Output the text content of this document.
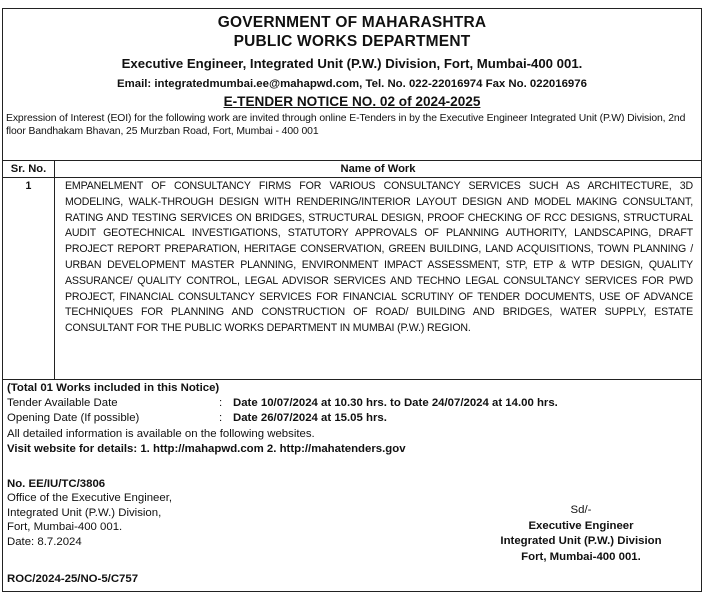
GOVERNMENT OF MAHARASHTRA
PUBLIC WORKS DEPARTMENT
Executive Engineer, Integrated Unit (P.W.) Division, Fort, Mumbai-400 001.
Email: integratedmumbai.ee@mahapwd.com, Tel. No. 022-22016974 Fax No. 022016976
E-TENDER NOTICE NO. 02 of 2024-2025
Expression of Interest (EOI) for the following work are invited through online E-Tenders in by the Executive Engineer Integrated Unit (P.W) Division, 2nd floor Bandhakam Bhavan, 25 Murzban Road, Fort, Mumbai - 400 001
Sr. No.	Name of Work
1	EMPANELMENT OF CONSULTANCY FIRMS FOR VARIOUS CONSULTANCY SERVICES SUCH AS ARCHITECTURE, 3D MODELING, WALK-THROUGH DESIGN WITH RENDERING/INTERIOR LAYOUT DESIGN AND MODEL MAKING CONSULTANT, RATING AND TESTING SERVICES ON BRIDGES, STRUCTURAL DESIGN, PROOF CHECKING OF RCC DESIGNS, STRUCTURAL AUDIT GEOTECHNICAL INVESTIGATIONS, STATUTORY APPROVALS OF PLANNING AUTHORITY, LANDSCAPING, DRAFT PROJECT REPORT PREPARATION, HERITAGE CONSERVATION, GREEN BUILDING, LAND ACQUISITIONS, TOWN PLANNING / URBAN DEVELOPMENT MASTER PLANNING, ENVIRONMENT IMPACT ASSESSMENT, STP, ETP & WTP DESIGN, QUALITY ASSURANCE/ QUALITY CONTROL, LEGAL ADVISOR SERVICES AND TECHNO LEGAL CONSULTANCY SERVICES FOR PWD PROJECT, FINANCIAL CONSULTANCY SERVICES FOR FINANCIAL SCRUTINY OF TENDER DOCUMENTS, USE OF ADVANCE TECHNIQUES FOR PLANNING AND CONSTRUCTION OF ROAD/ BUILDING AND BRIDGES, WATER SUPPLY, ESTATE CONSULTANT FOR THE PUBLIC WORKS DEPARTMENT IN MUMBAI (P.W.) REGION.
(Total 01 Works included in this Notice)
Tender Available Date	: Date 10/07/2024 at 10.30 hrs. to Date 24/07/2024 at 14.00 hrs.
Opening Date (If possible)	: Date 26/07/2024 at 15.05 hrs.
All detailed information is available on the following websites.
Visit website for details: 1. http://mahapwd.com 2. http://mahatenders.gov
No. EE/IU/TC/3806
Office of the Executive Engineer,
Integrated Unit (P.W.) Division,
Fort, Mumbai-400 001.
Date: 8.7.2024
ROC/2024-25/NO-5/C757
Sd/-
Executive Engineer
Integrated Unit (P.W.) Division
Fort, Mumbai-400 001.
